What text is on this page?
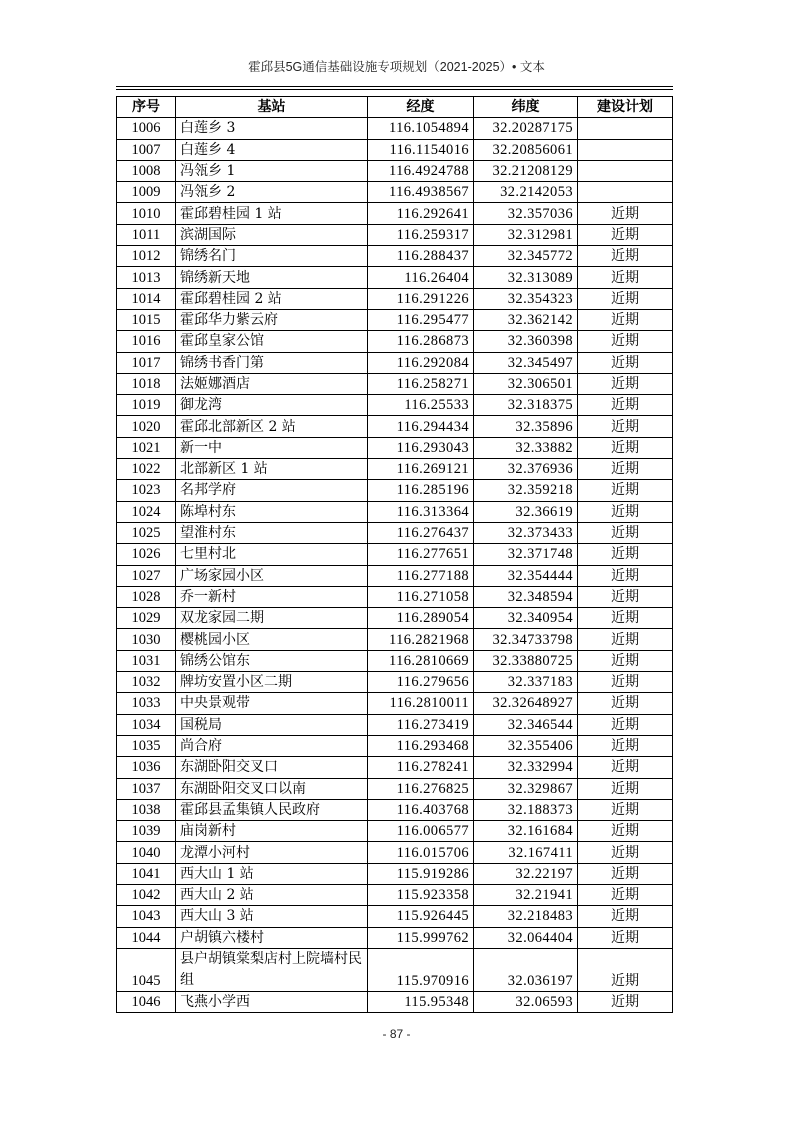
霍邱县5G通信基础设施专项规划（2021-2025）• 文本
序号	基站	经度	纬度	建设计划
1006	白莲乡 3	116.1054894	32.20287175	
1007	白莲乡 4	116.1154016	32.20856061	
1008	冯瓴乡 1	116.4924788	32.21208129	
1009	冯瓴乡 2	116.4938567	32.2142053	
1010	霍邱碧桂园 1 站	116.292641	32.357036	近期
1011	滨湖国际	116.259317	32.312981	近期
1012	锦绣名门	116.288437	32.345772	近期
1013	锦绣新天地	116.26404	32.313089	近期
1014	霍邱碧桂园 2 站	116.291226	32.354323	近期
1015	霍邱华力紫云府	116.295477	32.362142	近期
1016	霍邱皇家公馆	116.286873	32.360398	近期
1017	锦绣书香门第	116.292084	32.345497	近期
1018	法姬娜酒店	116.258271	32.306501	近期
1019	御龙湾	116.25533	32.318375	近期
1020	霍邱北部新区 2 站	116.294434	32.35896	近期
1021	新一中	116.293043	32.33882	近期
1022	北部新区 1 站	116.269121	32.376936	近期
1023	名邦学府	116.285196	32.359218	近期
1024	陈埠村东	116.313364	32.36619	近期
1025	望淮村东	116.276437	32.373433	近期
1026	七里村北	116.277651	32.371748	近期
1027	广场家园小区	116.277188	32.354444	近期
1028	乔一新村	116.271058	32.348594	近期
1029	双龙家园二期	116.289054	32.340954	近期
1030	樱桃园小区	116.2821968	32.34733798	近期
1031	锦绣公馆东	116.2810669	32.33880725	近期
1032	牌坊安置小区二期	116.279656	32.337183	近期
1033	中央景观带	116.2810011	32.32648927	近期
1034	国税局	116.273419	32.346544	近期
1035	尚合府	116.293468	32.355406	近期
1036	东湖卧阳交叉口	116.278241	32.332994	近期
1037	东湖卧阳交叉口以南	116.276825	32.329867	近期
1038	霍邱县孟集镇人民政府	116.403768	32.188373	近期
1039	庙岗新村	116.006577	32.161684	近期
1040	龙潭小河村	116.015706	32.167411	近期
1041	西大山 1 站	115.919286	32.22197	近期
1042	西大山 2 站	115.923358	32.21941	近期
1043	西大山 3 站	115.926445	32.218483	近期
1044	户胡镇六楼村	115.999762	32.064404	近期
1045	县户胡镇棠梨店村上院墙村民组	115.970916	32.036197	近期
1046	飞燕小学西	115.95348	32.06593	近期
- 87 -
